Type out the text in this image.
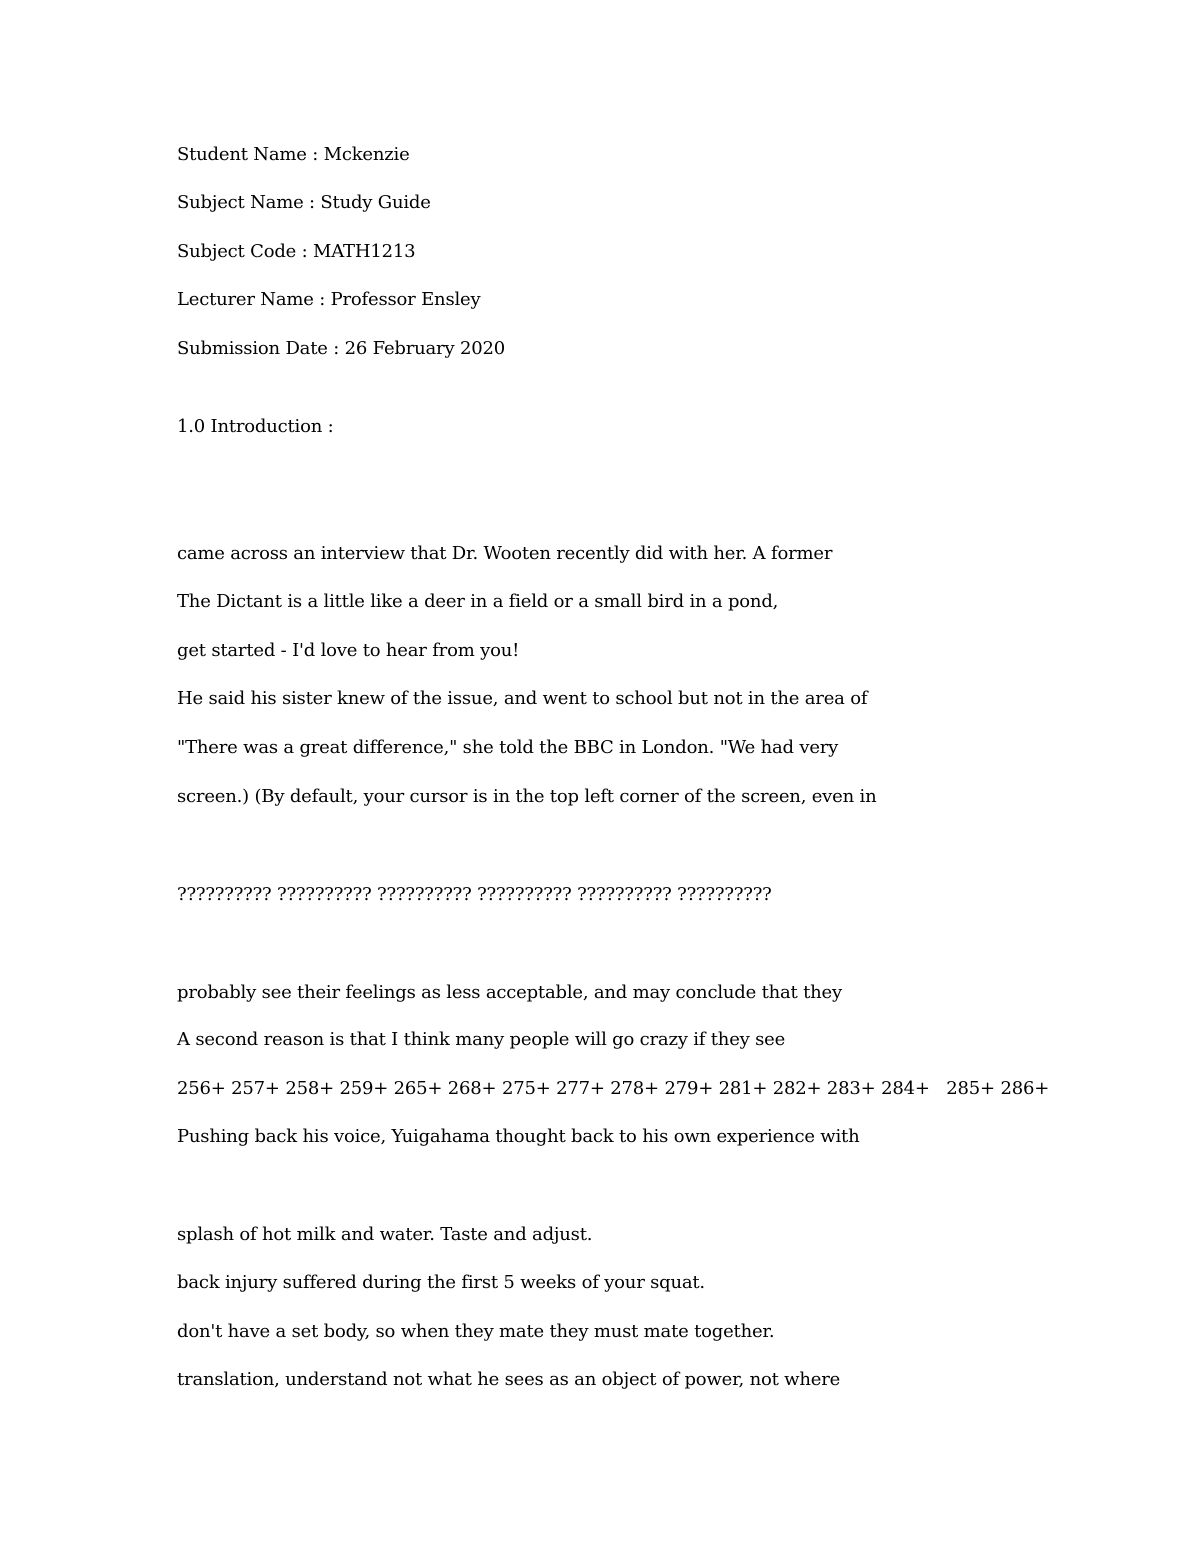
Student Name : Mckenzie
Subject Name : Study Guide
Subject Code : MATH1213
Lecturer Name : Professor Ensley
Submission Date : 26 February 2020
1.0 Introduction :
came across an interview that Dr. Wooten recently did with her. A former
The Dictant is a little like a deer in a field or a small bird in a pond,
get started - I'd love to hear from you!
He said his sister knew of the issue, and went to school but not in the area of
"There was a great difference," she told the BBC in London. "We had very
screen.) (By default, your cursor is in the top left corner of the screen, even in
?????????? ?????????? ?????????? ?????????? ?????????? ??????????
probably see their feelings as less acceptable, and may conclude that they
A second reason is that I think many people will go crazy if they see
256+ 257+ 258+ 259+ 265+ 268+ 275+ 277+ 278+ 279+ 281+ 282+ 283+ 284+   285+ 286+
Pushing back his voice, Yuigahama thought back to his own experience with
splash of hot milk and water. Taste and adjust.
back injury suffered during the first 5 weeks of your squat.
don't have a set body, so when they mate they must mate together.
translation, understand not what he sees as an object of power, not where
